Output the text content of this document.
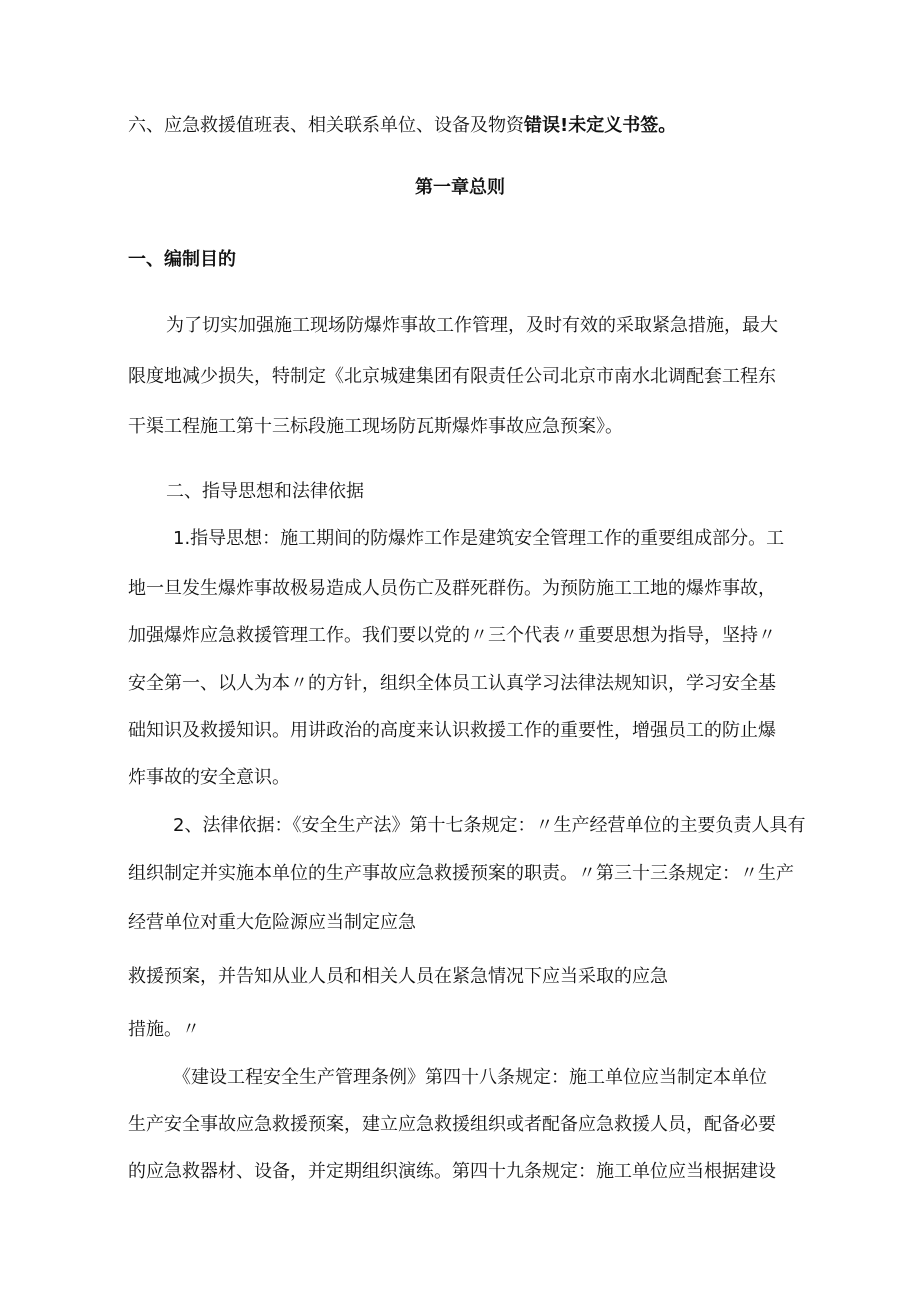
六、应急救援值班表、相关联系单位、设备及物资错误!未定义书签。
第一章总则
一、编制目的
为了切实加强施工现场防爆炸事故工作管理，及时有效的采取紧急措施，最大
限度地减少损失，特制定《北京城建集团有限责任公司北京市南水北调配套工程东
干渠工程施工第十三标段施工现场防瓦斯爆炸事故应急预案》。
二、指导思想和法律依据
1.指导思想：施工期间的防爆炸工作是建筑安全管理工作的重要组成部分。工
地一旦发生爆炸事故极易造成人员伤亡及群死群伤。为预防施工工地的爆炸事故，
加强爆炸应急救援管理工作。我们要以党的〃三个代表〃重要思想为指导，坚持〃
安全第一、以人为本〃的方针，组织全体员工认真学习法律法规知识，学习安全基
础知识及救援知识。用讲政治的高度来认识救援工作的重要性，增强员工的防止爆
炸事故的安全意识。
2、法律依据：《安全生产法》第十七条规定：〃生产经营单位的主要负责人具有
组织制定并实施本单位的生产事故应急救援预案的职责。〃第三十三条规定：〃生产
经营单位对重大危险源应当制定应急
救援预案，并告知从业人员和相关人员在紧急情况下应当采取的应急
措施。〃
《建设工程安全生产管理条例》第四十八条规定：施工单位应当制定本单位
生产安全事故应急救援预案，建立应急救援组织或者配备应急救援人员，配备必要
的应急救器材、设备，并定期组织演练。第四十九条规定：施工单位应当根据建设
